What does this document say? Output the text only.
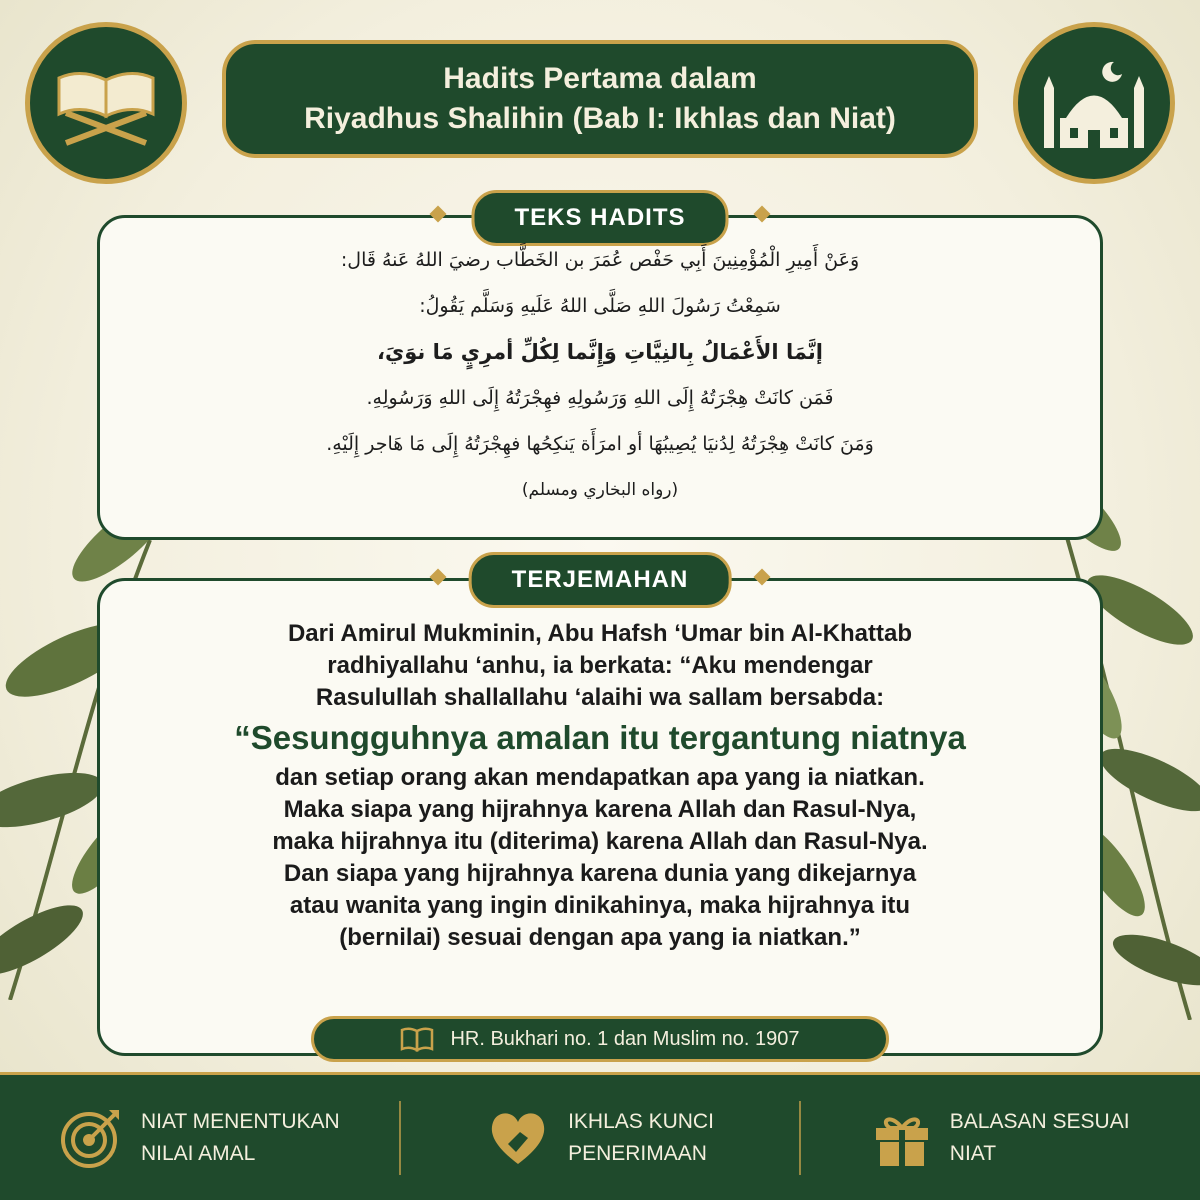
Hadits Pertama dalam
Riyadhus Shalihin (Bab I: Ikhlas dan Niat)
TEKS HADITS
وَعَنْ أَمِيرِ الْمُؤْمِنِينَ أَبِي حَفْص عُمَرَ بن الخَطَّاب رضيَ اللهُ عَنهُ قَال:
سَمِعْتُ رَسُولَ اللهِ صَلَّى اللهُ عَلَيهِ وَسَلَّم يَقُولُ:
إنَّمَا الأَعْمَالُ بِالنِيَّاتِ وَإِنَّما لِكُلِّ أمرِيٍ مَا نوَيَ،
فَمَن كانَتْ هِجْرَتُهُ إِلَى اللهِ وَرَسُولِهِ فهِجْرَتُهُ إِلَى اللهِ وَرَسُولِهِ.
وَمَنَ كانَتْ هِجْرَتُهُ لِدُنيَا يُصِيبُهَا أو امرَأَة يَنكِحُها فهِجْرَتُهُ إِلَى مَا هَاجر إِلَيْهِ.
(رواه البخاري ومسلم)
TERJEMAHAN
Dari Amirul Mukminin, Abu Hafsh ‘Umar bin Al-Khattab
radhiyallahu ‘anhu, ia berkata: “Aku mendengar
Rasulullah shallallahu ‘alaihi wa sallam bersabda:
“Sesungguhnya amalan itu tergantung niatnya
dan setiap orang akan mendapatkan apa yang ia niatkan.
Maka siapa yang hijrahnya karena Allah dan Rasul-Nya,
maka hijrahnya itu (diterima) karena Allah dan Rasul-Nya.
Dan siapa yang hijrahnya karena dunia yang dikejarnya
atau wanita yang ingin dinikahinya, maka hijrahnya itu
(bernilai) sesuai dengan apa yang ia niatkan.”
HR. Bukhari no. 1 dan Muslim no. 1907
NIAT MENENTUKAN
NILAI AMAL
IKHLAS KUNCI
PENERIMAAN
BALASAN SESUAI
NIAT
